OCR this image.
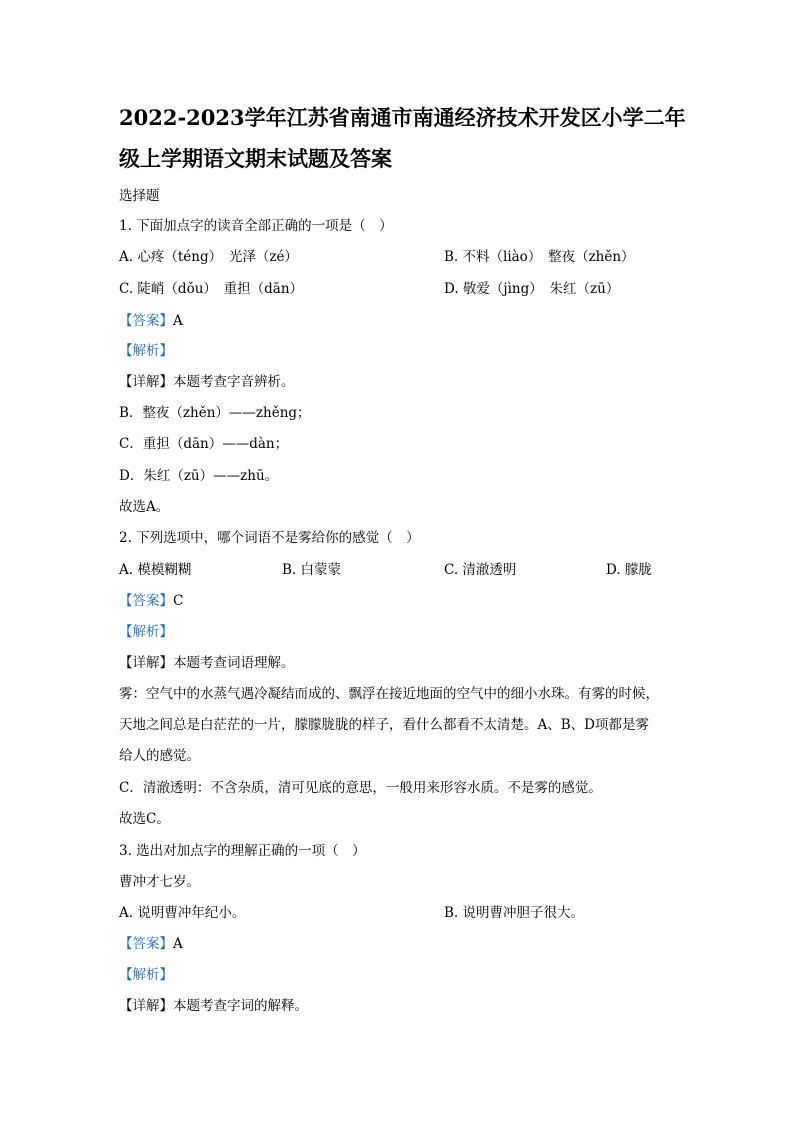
2022-2023学年江苏省南通市南通经济技术开发区小学二年
级上学期语文期末试题及答案
选择题
1. 下面加点字的读音全部正确的一项是（　）
A. 心疼（téng）　光泽（zé）	B. 不料（liào）　整夜（zhěn）
C. 陡峭（dǒu）　重担（dān）	D. 敬爱（jìng）　朱红（zū）
【答案】A
【解析】
【详解】本题考查字音辨析。
B．整夜（zhěn）——zhěng；
C．重担（dān）——dàn；
D．朱红（zū）——zhū。
故选A。
2. 下列选项中，哪个词语不是雾给你的感觉（　）
A. 模模糊糊	B. 白蒙蒙	C. 清澈透明	D. 朦胧
【答案】C
【解析】
【详解】本题考查词语理解。
雾：空气中的水蒸气遇冷凝结而成的、飘浮在接近地面的空气中的细小水珠。有雾的时候，
天地之间总是白茫茫的一片，朦朦胧胧的样子，看什么都看不太清楚。A、B、D项都是雾
给人的感觉。
C．清澈透明：不含杂质，清可见底的意思，一般用来形容水质。不是雾的感觉。
故选C。
3. 选出对加点字的理解正确的一项（　）
曹冲才七岁。
A. 说明曹冲年纪小。	B. 说明曹冲胆子很大。
【答案】A
【解析】
【详解】本题考查字词的解释。
